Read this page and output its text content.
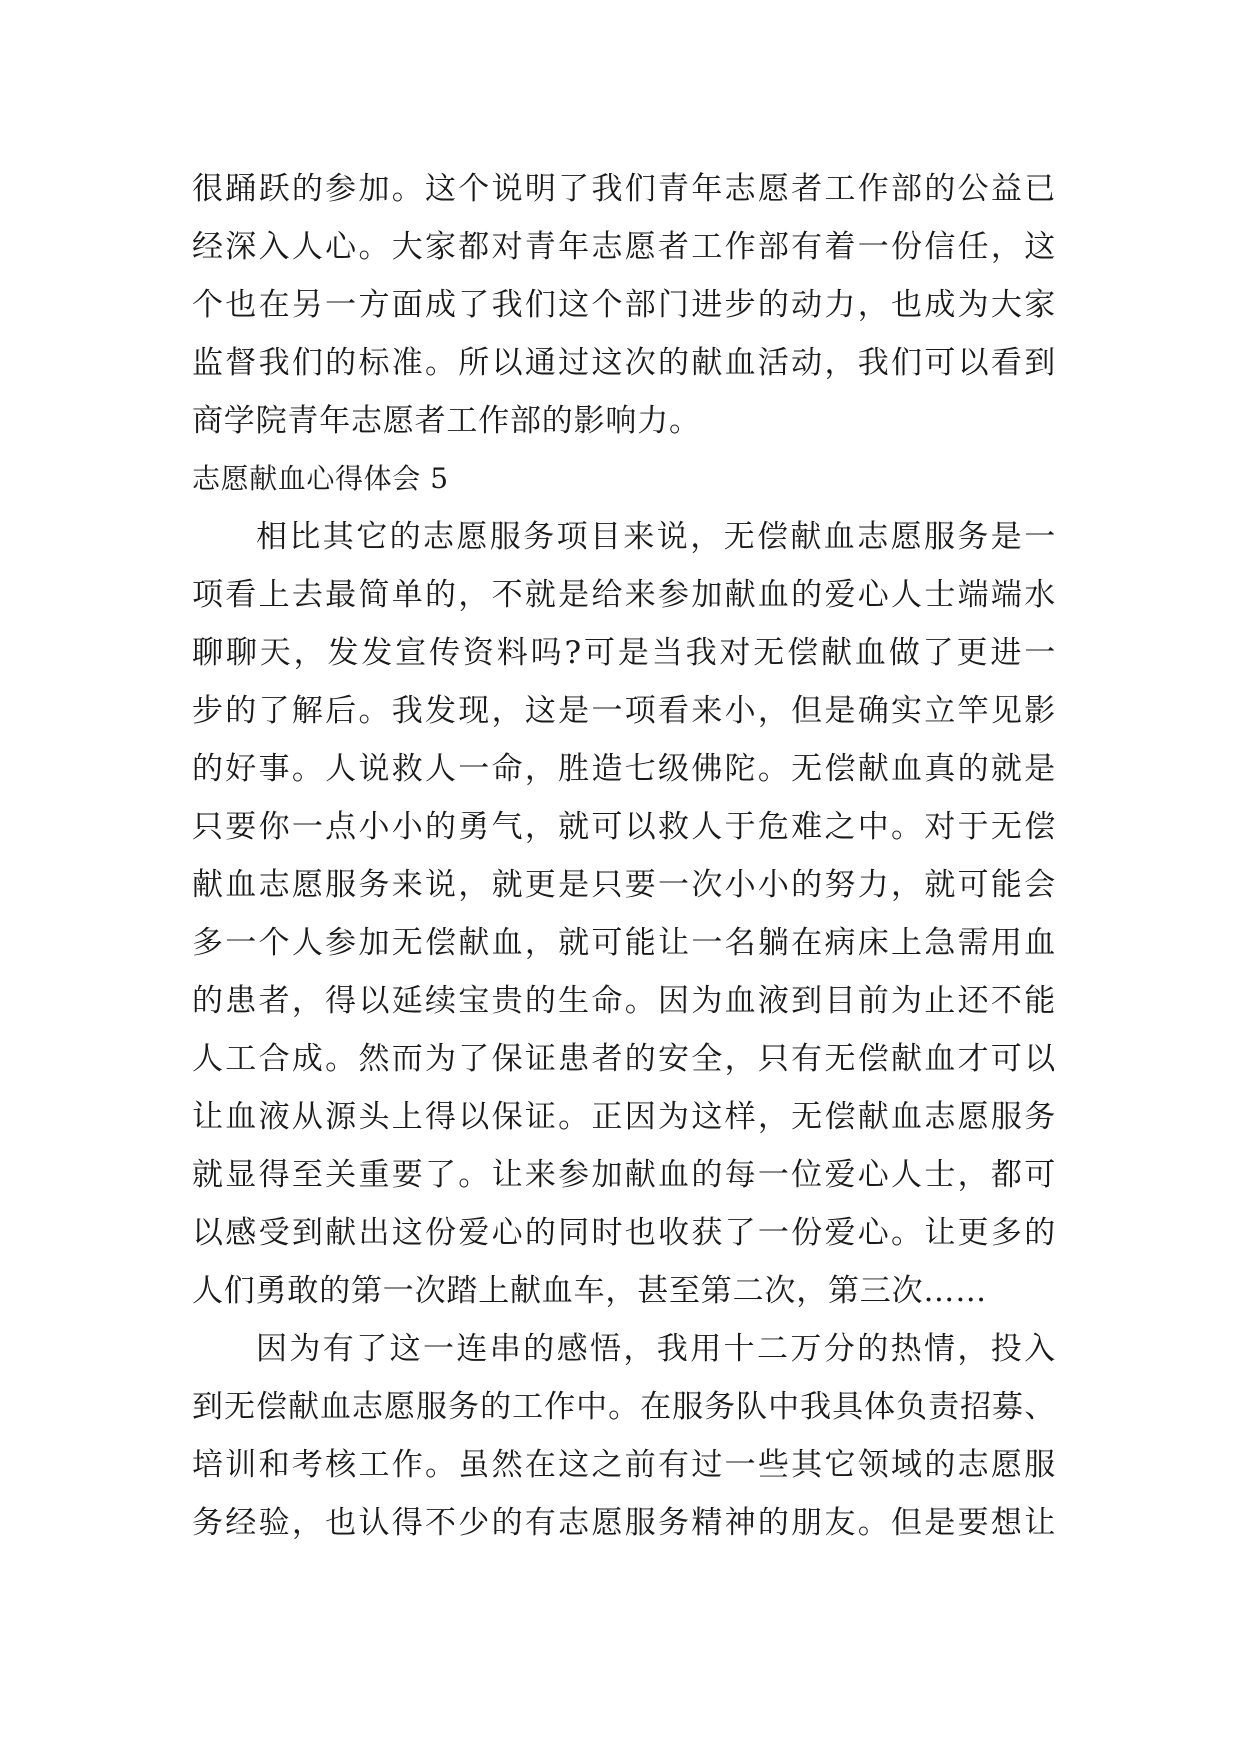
很踊跃的参加。这个说明了我们青年志愿者工作部的公益已
经深入人心。大家都对青年志愿者工作部有着一份信任，这
个也在另一方面成了我们这个部门进步的动力，也成为大家
监督我们的标准。所以通过这次的献血活动，我们可以看到
商学院青年志愿者工作部的影响力。
志愿献血心得体会 5
相比其它的志愿服务项目来说，无偿献血志愿服务是一
项看上去最简单的，不就是给来参加献血的爱心人士端端水
聊聊天，发发宣传资料吗?可是当我对无偿献血做了更进一
步的了解后。我发现，这是一项看来小，但是确实立竿见影
的好事。人说救人一命，胜造七级佛陀。无偿献血真的就是
只要你一点小小的勇气，就可以救人于危难之中。对于无偿
献血志愿服务来说，就更是只要一次小小的努力，就可能会
多一个人参加无偿献血，就可能让一名躺在病床上急需用血
的患者，得以延续宝贵的生命。因为血液到目前为止还不能
人工合成。然而为了保证患者的安全，只有无偿献血才可以
让血液从源头上得以保证。正因为这样，无偿献血志愿服务
就显得至关重要了。让来参加献血的每一位爱心人士，都可
以感受到献出这份爱心的同时也收获了一份爱心。让更多的
人们勇敢的第一次踏上献血车，甚至第二次，第三次……
因为有了这一连串的感悟，我用十二万分的热情，投入
到无偿献血志愿服务的工作中。在服务队中我具体负责招募、
培训和考核工作。虽然在这之前有过一些其它领域的志愿服
务经验，也认得不少的有志愿服务精神的朋友。但是要想让
